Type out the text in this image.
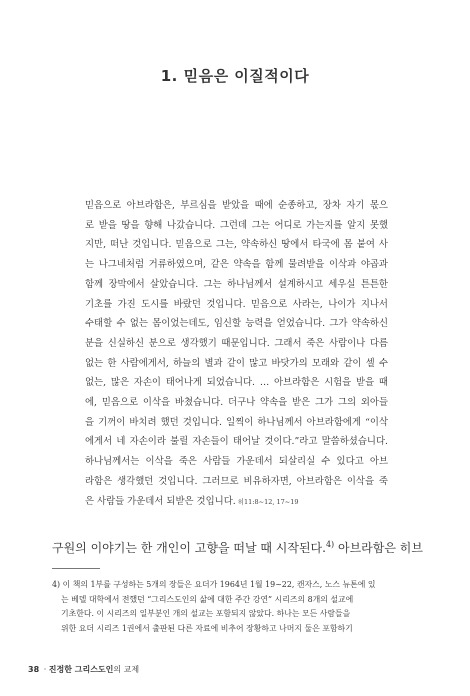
1. 믿음은 이질적이다
믿음으로 아브라함은, 부르심을 받았을 때에 순종하고, 장차 자기 몫으
로 받을 땅을 향해 나갔습니다. 그런데 그는 어디로 가는지를 알지 못했
지만, 떠난 것입니다. 믿음으로 그는, 약속하신 땅에서 타국에 몸 붙여 사
는 나그네처럼 거류하였으며, 같은 약속을 함께 물려받을 이삭과 야곱과
함께 장막에서 살았습니다. 그는 하나님께서 설계하시고 세우실 튼튼한
기초를 가진 도시를 바랐던 것입니다. 믿음으로 사라는, 나이가 지나서
수태할 수 없는 몸이었는데도, 임신할 능력을 얻었습니다. 그가 약속하신
분을 신실하신 분으로 생각했기 때문입니다. 그래서 죽은 사람이나 다름
없는 한 사람에게서, 하늘의 별과 같이 많고 바닷가의 모래와 같이 셀 수
없는, 많은 자손이 태어나게 되었습니다. … 아브라함은 시험을 받을 때
에, 믿음으로 이삭을 바쳤습니다. 더구나 약속을 받은 그가 그의 외아들
을 기꺼이 바치려 했던 것입니다. 일찍이 하나님께서 아브라함에게 “이삭
에게서 네 자손이라 불릴 자손들이 태어날 것이다.”라고 말씀하셨습니다.
하나님께서는 이삭을 죽은 사람들 가운데서 되살리실 수 있다고 아브
라함은 생각했던 것입니다. 그러므로 비유하자면, 아브라함은 이삭을 죽
은 사람들 가운데서 되받은 것입니다. 히11:8~12, 17~19
구원의 이야기는 한 개인이 고향을 떠날 때 시작된다.$^{4)}$ 아브라함은 히브
4) 이 책의 1부를 구성하는 5개의 장들은 요더가 1964년 1월 19~22, 캔자스, 노스 뉴톤에 있
는 베델 대학에서 전했던 “그리스도인의 삶에 대한 주간 강연” 시리즈의 8개의 설교에
기초한다. 이 시리즈의 일부분인 개의 설교는 포함되지 않았다. 하나는 모든 사람들을
위한 요더 시리즈 1권에서 출판된 다른 자료에 비추어 장황하고 나머지 둘은 포함하기
38 · 진정한 그리스도인의 교제
